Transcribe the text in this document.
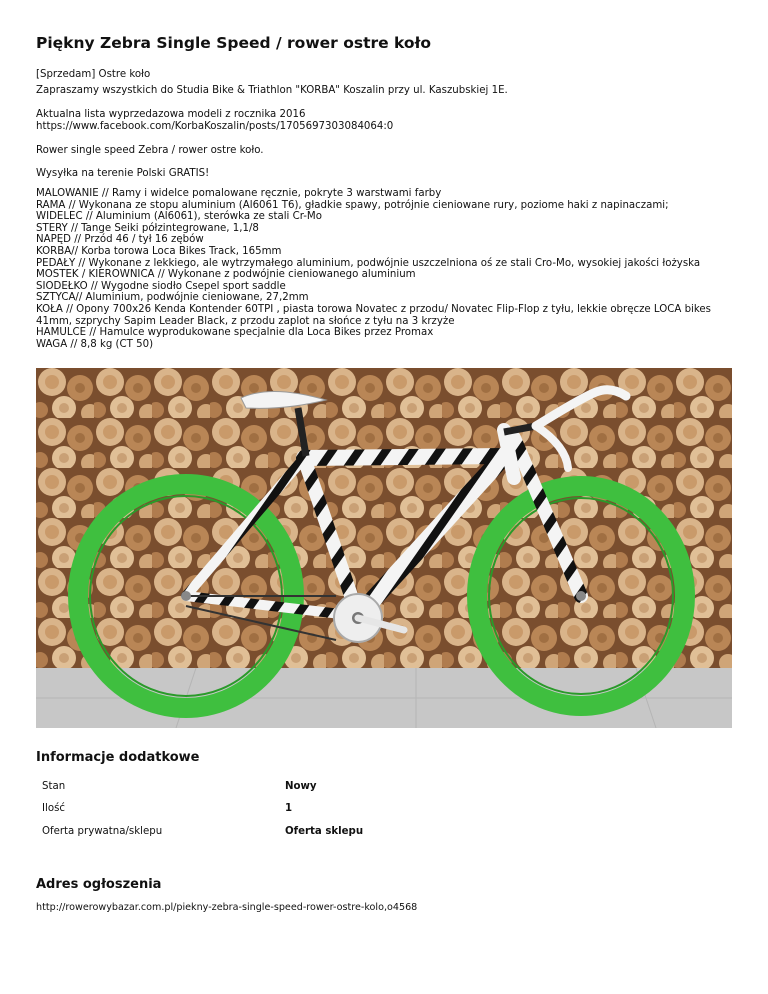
Piękny Zebra Single Speed / rower ostre koło
[Sprzedam] Ostre koło
Zapraszamy wszystkich do Studia Bike & Triathlon "KORBA" Koszalin przy ul. Kaszubskiej 1E.
Aktualna lista wyprzedazowa modeli z rocznika 2016
https://www.facebook.com/KorbaKoszalin/posts/1705697303084064:0
Rower single speed Zebra / rower ostre koło.
Wysyłka na terenie Polski GRATIS!
MALOWANIE // Ramy i widelce pomalowane ręcznie, pokryte 3 warstwami farby
RAMA // Wykonana ze stopu aluminium (Al6061 T6), gładkie spawy, potrójnie cieniowane rury, poziome haki z napinaczami;
WIDELEC // Aluminium (Al6061), sterówka ze stali Cr-Mo
STERY // Tange Seiki półzintegrowane, 1,1/8
NAPĘD // Przód 46 / tył 16 zębów
KORBA// Korba torowa Loca Bikes Track, 165mm
PEDAŁY // Wykonane z lekkiego, ale wytrzymałego aluminium, podwójnie uszczelniona oś ze stali Cro-Mo, wysokiej jakości łożyska
MOSTEK / KIEROWNICA // Wykonane z podwójnie cieniowanego aluminium
SIODEŁKO // Wygodne siodło Csepel sport saddle
SZTYCA// Aluminium, podwójnie cieniowane, 27,2mm
KOŁA // Opony 700x26 Kenda Kontender 60TPI , piasta torowa Novatec z przodu/ Novatec Flip-Flop z tyłu, lekkie obręcze LOCA bikes
41mm, szprychy Sapim Leader Black, z przodu zaplot na słońce z tyłu na 3 krzyże
HAMULCE // Hamulce wyprodukowane specjalnie dla Loca Bikes przez Promax
WAGA // 8,8 kg (CT 50)
Informacje dodatkowe
Stan	Nowy
Ilość	1
Oferta prywatna/sklepu	Oferta sklepu
Adres ogłoszenia
http://rowerowybazar.com.pl/piekny-zebra-single-speed-rower-ostre-kolo,o4568
